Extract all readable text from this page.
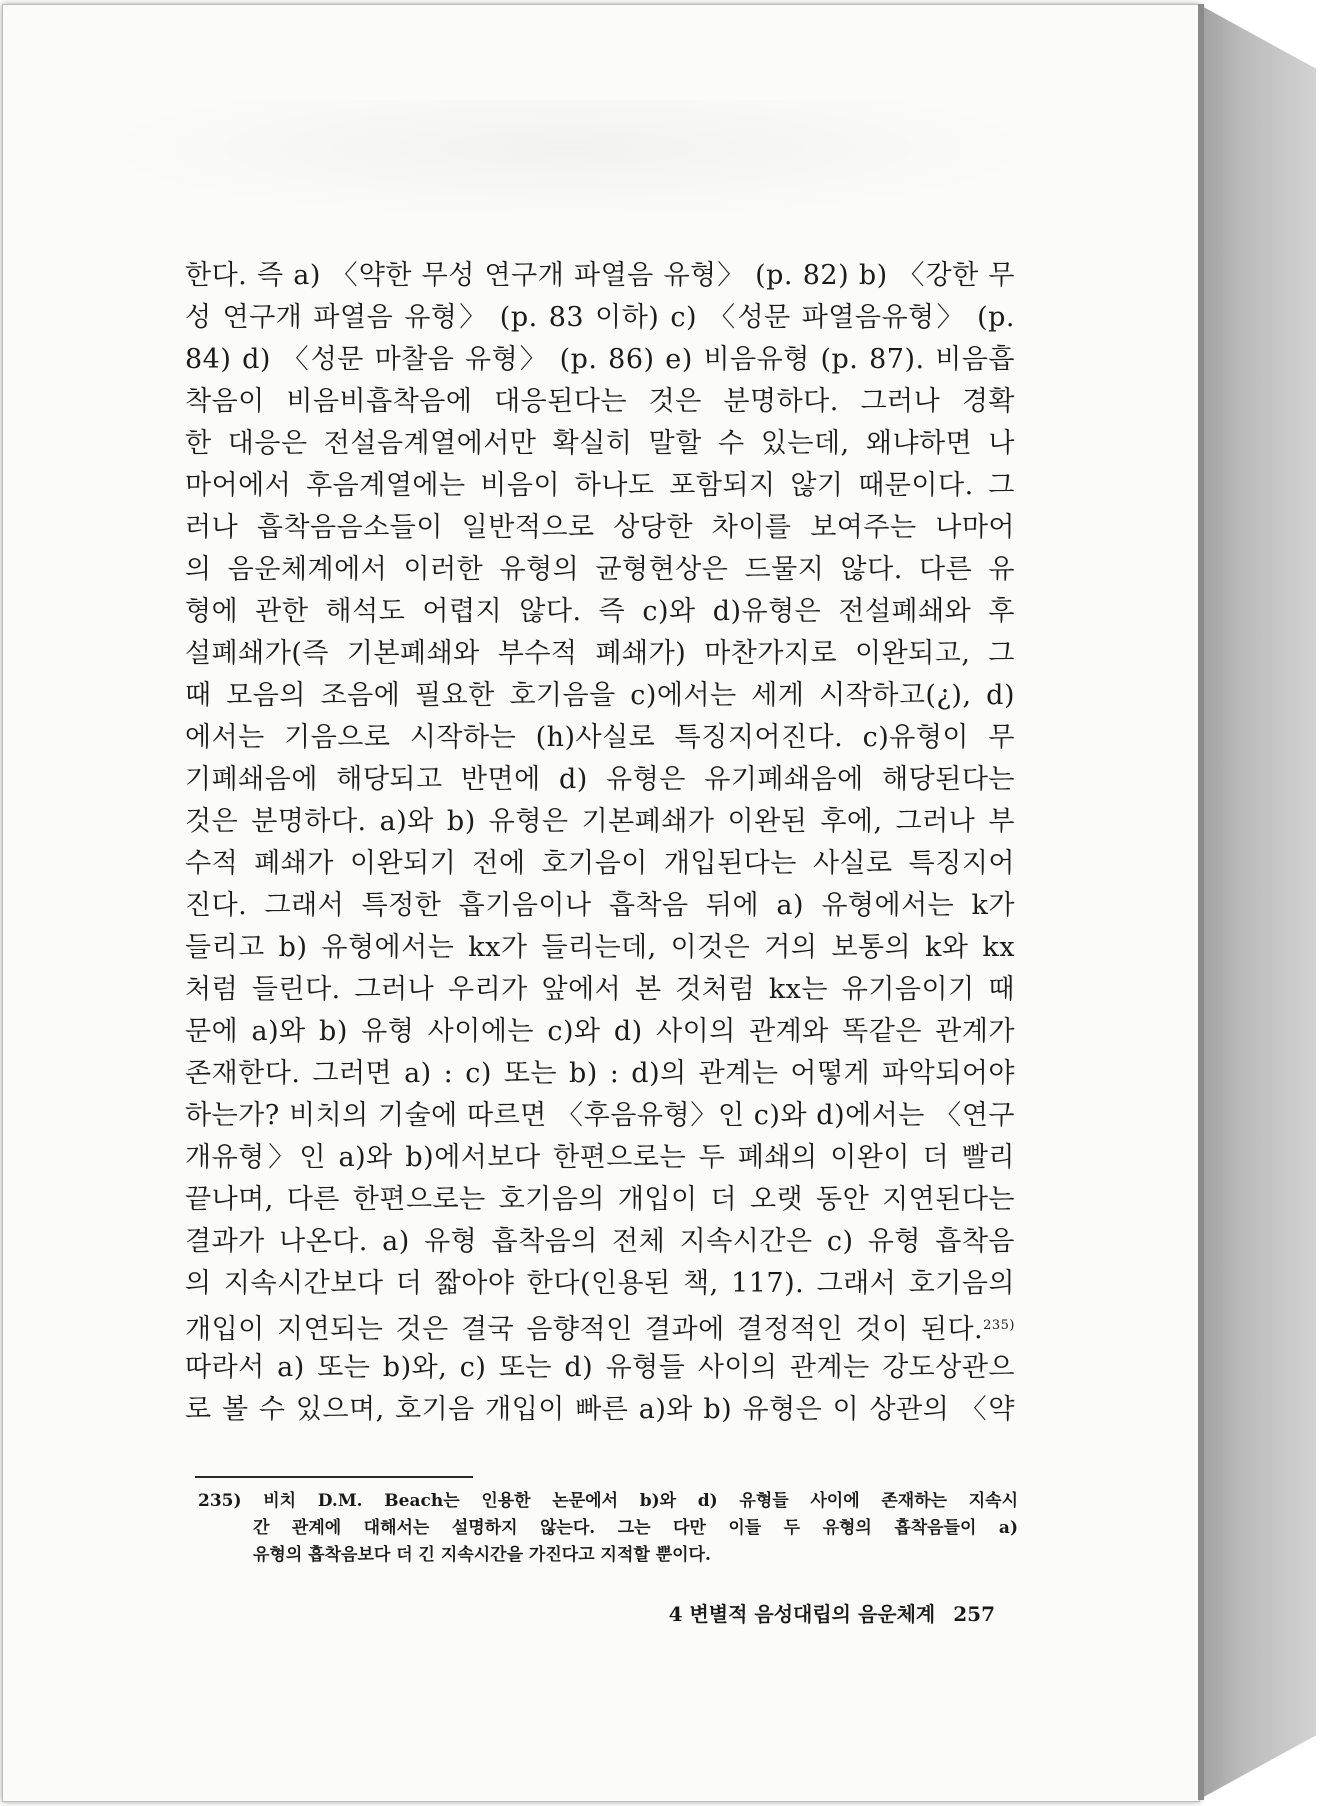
한다. 즉 a) 〈약한 무성 연구개 파열음 유형〉 (p. 82) b) 〈강한 무
성 연구개 파열음 유형〉 (p. 83 이하) c) 〈성문 파열음유형〉 (p.
84) d) 〈성문 마찰음 유형〉 (p. 86) e) 비음유형 (p. 87). 비음흡
착음이 비음비흡착음에 대응된다는 것은 분명하다. 그러나 경확
한 대응은 전설음계열에서만 확실히 말할 수 있는데, 왜냐하면 나
마어에서 후음계열에는 비음이 하나도 포함되지 않기 때문이다. 그
러나 흡착음음소들이 일반적으로 상당한 차이를 보여주는 나마어
의 음운체계에서 이러한 유형의 균형현상은 드물지 않다. 다른 유
형에 관한 해석도 어렵지 않다. 즉 c)와 d)유형은 전설폐쇄와 후
설폐쇄가(즉 기본폐쇄와 부수적 폐쇄가) 마찬가지로 이완되고, 그
때 모음의 조음에 필요한 호기음을 c)에서는 세게 시작하고(¿), d)
에서는 기음으로 시작하는 (h)사실로 특징지어진다. c)유형이 무
기폐쇄음에 해당되고 반면에 d) 유형은 유기폐쇄음에 해당된다는
것은 분명하다. a)와 b) 유형은 기본폐쇄가 이완된 후에, 그러나 부
수적 폐쇄가 이완되기 전에 호기음이 개입된다는 사실로 특징지어
진다. 그래서 특정한 흡기음이나 흡착음 뒤에 a) 유형에서는 k가
들리고 b) 유형에서는 kx가 들리는데, 이것은 거의 보통의 k와 kx
처럼 들린다. 그러나 우리가 앞에서 본 것처럼 kx는 유기음이기 때
문에 a)와 b) 유형 사이에는 c)와 d) 사이의 관계와 똑같은 관계가
존재한다. 그러면 a) : c) 또는 b) : d)의 관계는 어떻게 파악되어야
하는가? 비치의 기술에 따르면 〈후음유형〉인 c)와 d)에서는 〈연구
개유형〉인 a)와 b)에서보다 한편으로는 두 폐쇄의 이완이 더 빨리
끝나며, 다른 한편으로는 호기음의 개입이 더 오랫 동안 지연된다는
결과가 나온다. a) 유형 흡착음의 전체 지속시간은 c) 유형 흡착음
의 지속시간보다 더 짧아야 한다(인용된 책, 117). 그래서 호기음의
개입이 지연되는 것은 결국 음향적인 결과에 결정적인 것이 된다.$^{235)}$
따라서 a) 또는 b)와, c) 또는 d) 유형들 사이의 관계는 강도상관으
로 볼 수 있으며, 호기음 개입이 빠른 a)와 b) 유형은 이 상관의 〈약
235) 비치 D.M. Beach는 인용한 논문에서 b)와 d) 유형들 사이에 존재하는 지속시
간 관계에 대해서는 설명하지 않는다. 그는 다만 이들 두 유형의 흡착음들이 a)
유형의 흡착음보다 더 긴 지속시간을 가진다고 지적할 뿐이다.
4 변별적 음성대립의 음운체계 257
